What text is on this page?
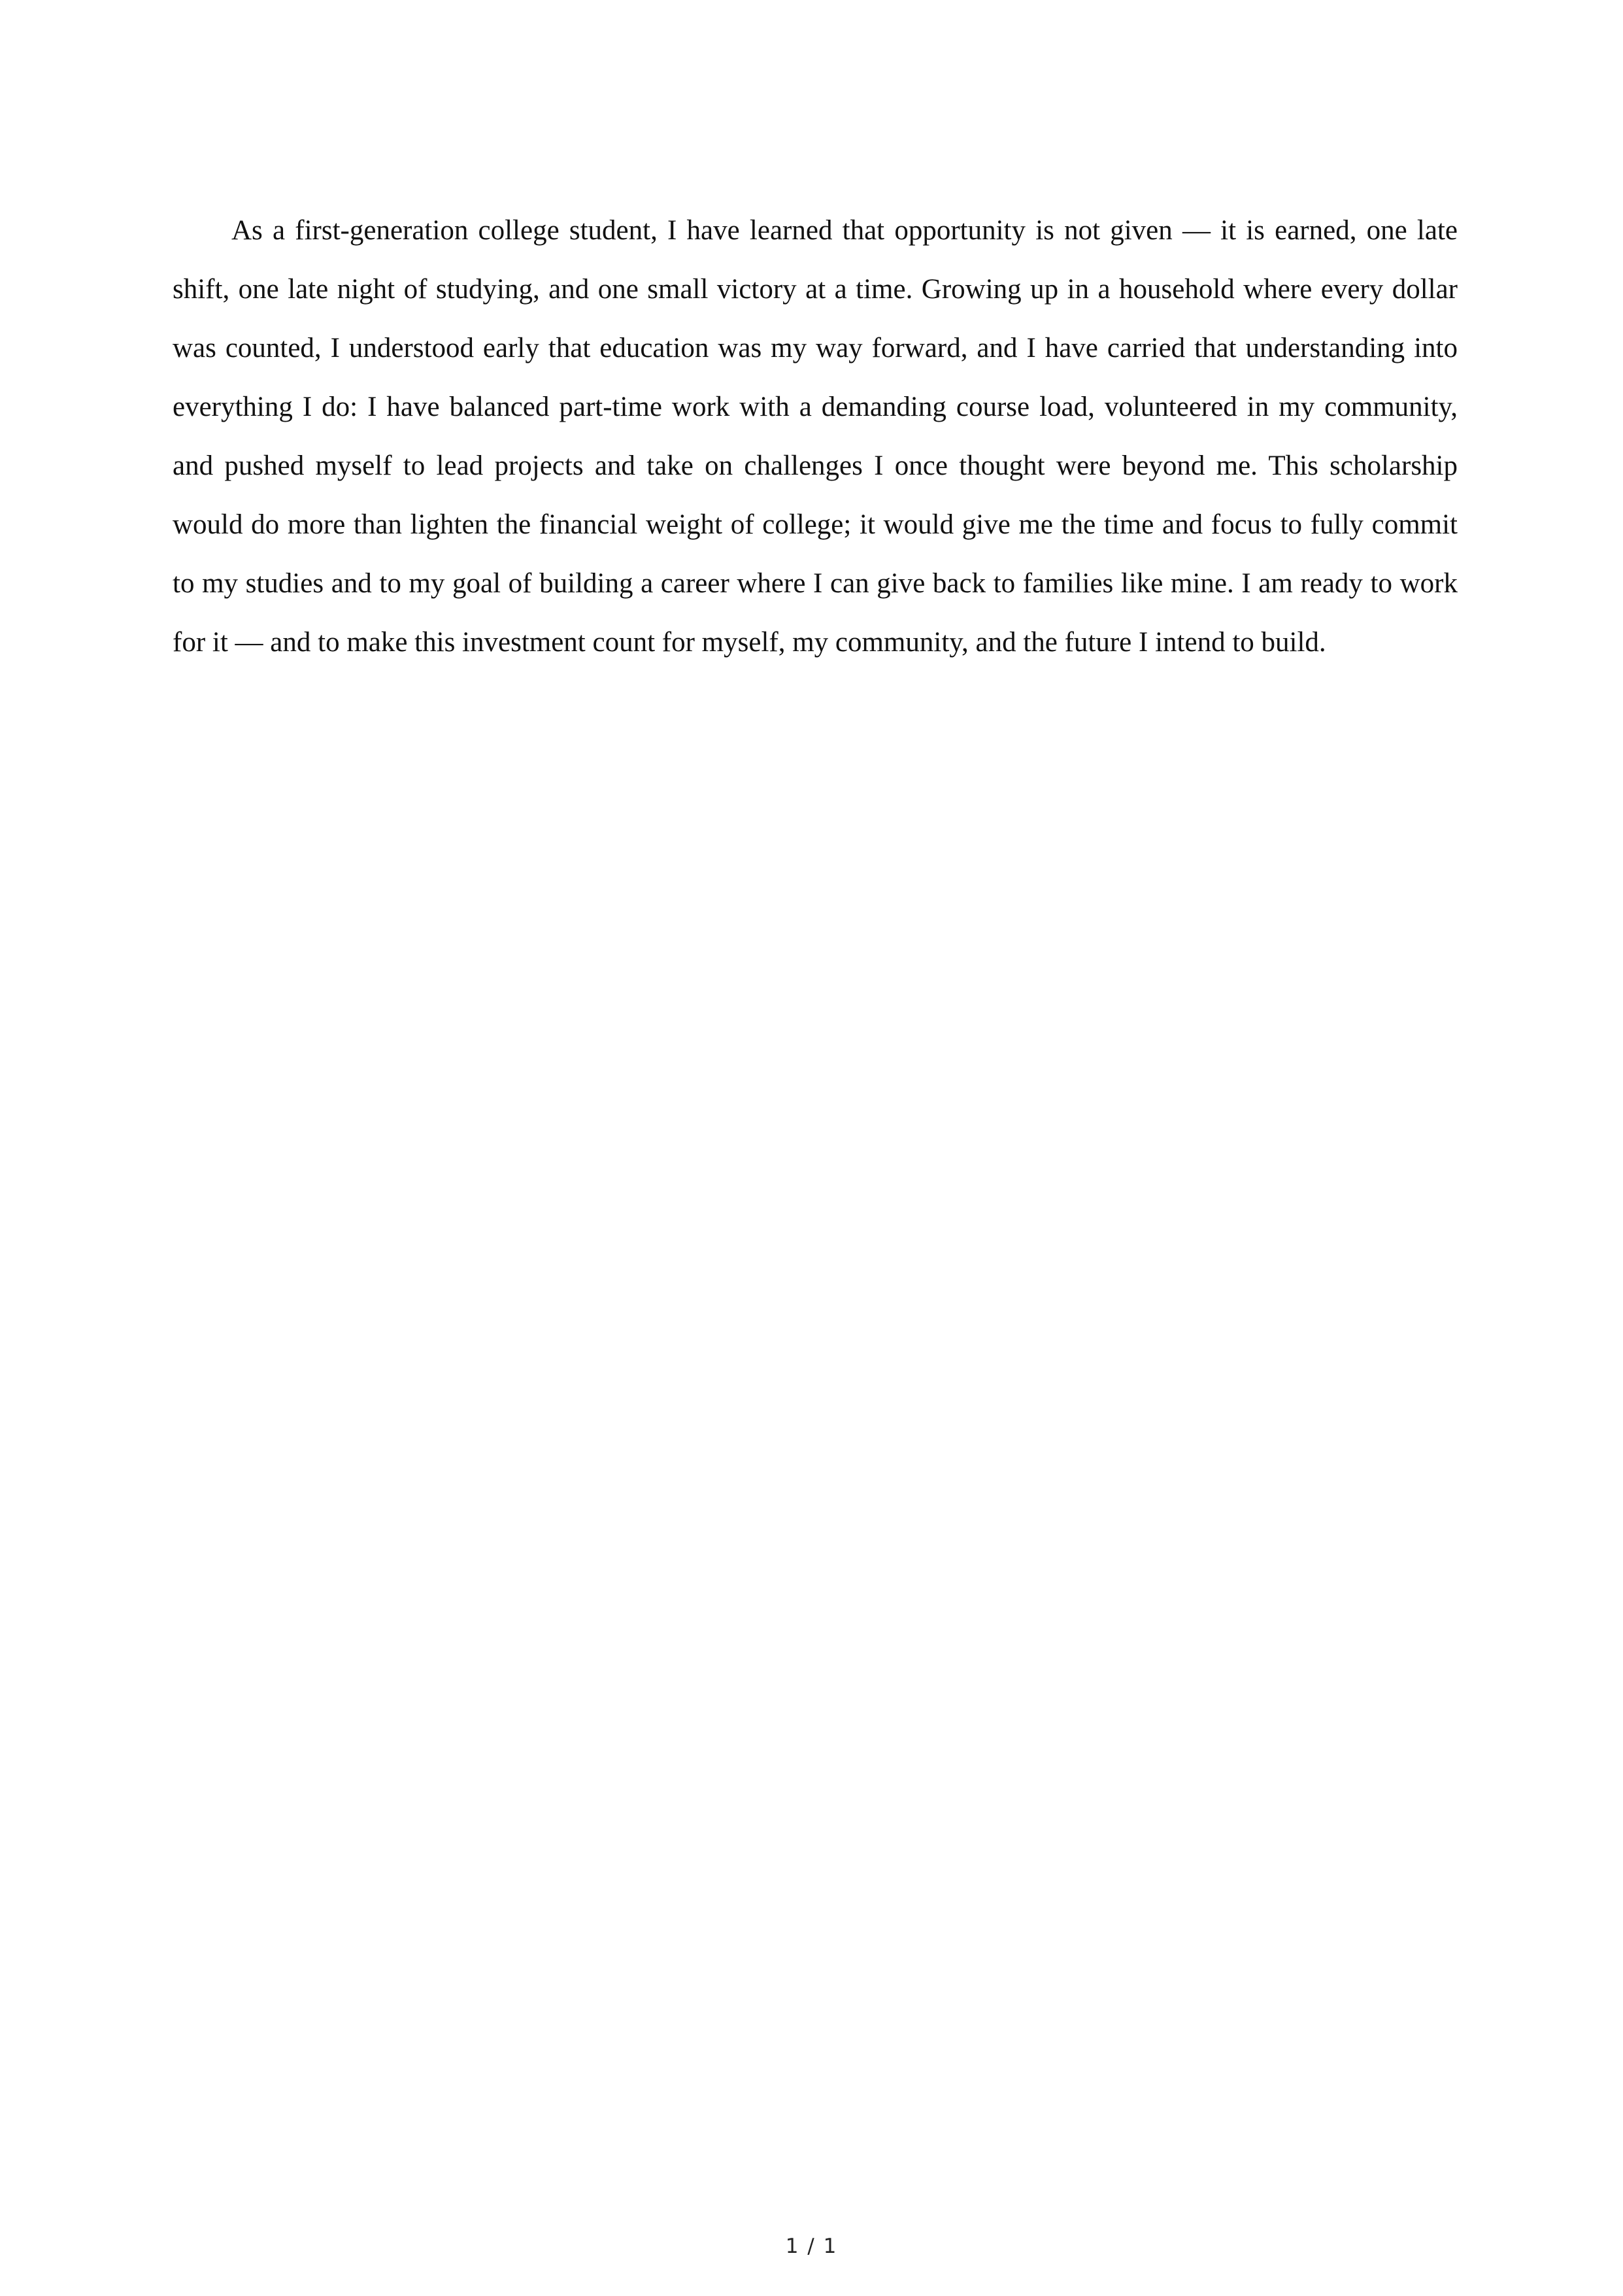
As a first-generation college student, I have learned that opportunity is not given — it is earned, one late shift, one late night of studying, and one small victory at a time. Growing up in a household where every dollar was counted, I understood early that education was my way forward, and I have carried that understanding into everything I do: I have balanced part-time work with a demanding course load, volunteered in my community, and pushed myself to lead projects and take on challenges I once thought were beyond me. This scholarship would do more than lighten the financial weight of college; it would give me the time and focus to fully commit to my studies and to my goal of building a career where I can give back to families like mine. I am ready to work for it — and to make this investment count for myself, my community, and the future I intend to build.

1 / 1
